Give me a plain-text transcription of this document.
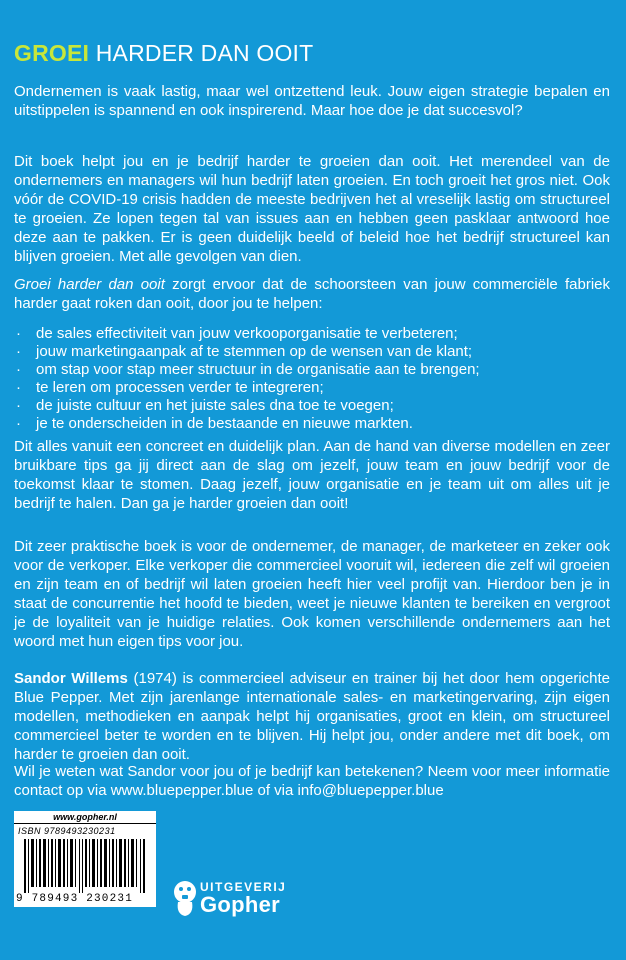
GROEI HARDER DAN OOIT
Ondernemen is vaak lastig, maar wel ontzettend leuk. Jouw eigen strategie bepalen en uitstippelen is spannend en ook inspirerend. Maar hoe doe je dat succesvol?
Dit boek helpt jou en je bedrijf harder te groeien dan ooit. Het merendeel van de ondernemers en managers wil hun bedrijf laten groeien. En toch groeit het gros niet. Ook vóór de COVID-19 crisis hadden de meeste bedrijven het al vreselijk lastig om structureel te groeien. Ze lopen tegen tal van issues aan en hebben geen pasklaar antwoord hoe deze aan te pakken. Er is geen duidelijk beeld of beleid hoe het bedrijf structureel kan blijven groeien. Met alle gevolgen van dien.
Groei harder dan ooit zorgt ervoor dat de schoorsteen van jouw commerciële fabriek harder gaat roken dan ooit, door jou te helpen:
· de sales effectiviteit van jouw verkooporganisatie te verbeteren;
· jouw marketingaanpak af te stemmen op de wensen van de klant;
· om stap voor stap meer structuur in de organisatie aan te brengen;
· te leren om processen verder te integreren;
· de juiste cultuur en het juiste sales dna toe te voegen;
· je te onderscheiden in de bestaande en nieuwe markten.
Dit alles vanuit een concreet en duidelijk plan. Aan de hand van diverse modellen en zeer bruikbare tips ga jij direct aan de slag om jezelf, jouw team en jouw bedrijf voor de toekomst klaar te stomen. Daag jezelf, jouw organisatie en je team uit om alles uit je bedrijf te halen. Dan ga je harder groeien dan ooit!
Dit zeer praktische boek is voor de ondernemer, de manager, de marketeer en zeker ook voor de verkoper. Elke verkoper die commercieel vooruit wil, iedereen die zelf wil groeien en zijn team en of bedrijf wil laten groeien heeft hier veel profijt van. Hierdoor ben je in staat de concurrentie het hoofd te bieden, weet je nieuwe klanten te bereiken en vergroot je de loyaliteit van je huidige relaties. Ook komen verschillende ondernemers aan het woord met hun eigen tips voor jou.
Sandor Willems (1974) is commercieel adviseur en trainer bij het door hem opgerichte Blue Pepper. Met zijn jarenlange internationale sales- en marketingervaring, zijn eigen modellen, methodieken en aanpak helpt hij organisaties, groot en klein, om structureel commercieel beter te worden en te blijven. Hij helpt jou, onder andere met dit boek, om harder te groeien dan ooit.
Wil je weten wat Sandor voor jou of je bedrijf kan betekenen? Neem voor meer informatie contact op via www.bluepepper.blue of via info@bluepepper.blue
www.gopher.nl
ISBN 9789493230231
9 789493 230231
UITGEVERIJ
Gopher
